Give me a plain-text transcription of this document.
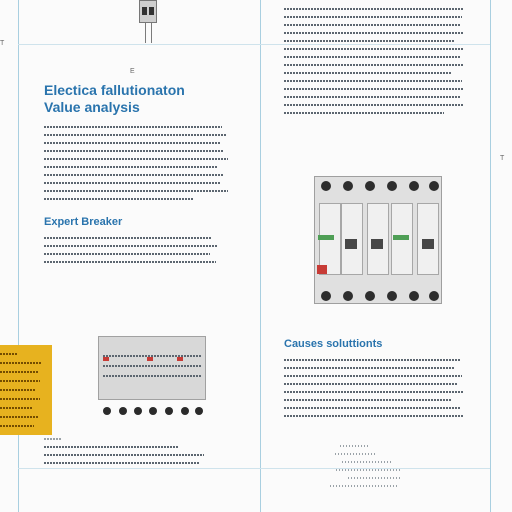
E
T
T
Electica fallutionaton
Value analysis
Expert Breaker
Causes soluttionts
